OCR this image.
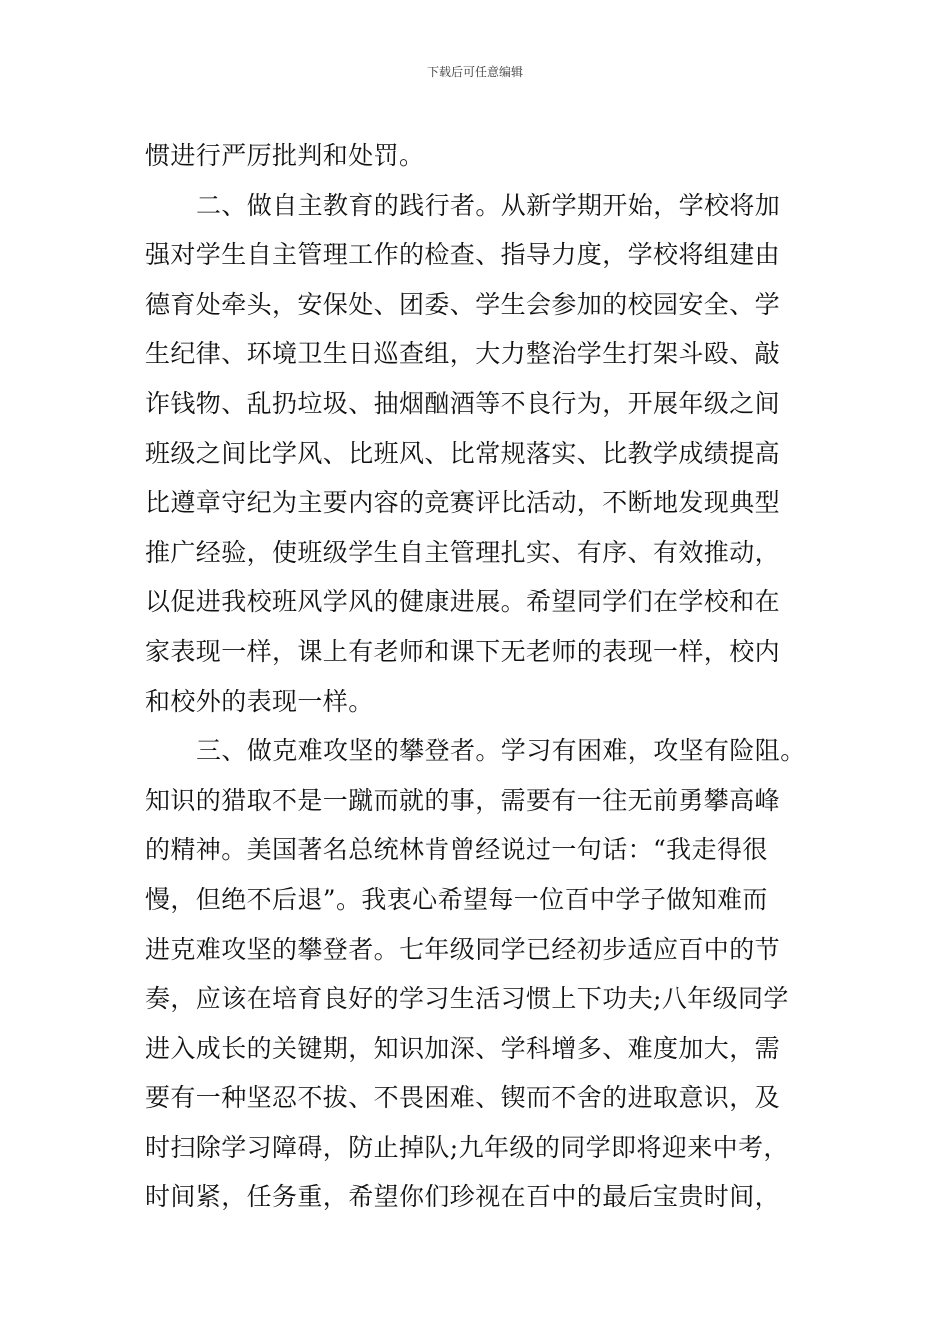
下载后可任意编辑
惯进行严厉批判和处罚。
二、做自主教育的践行者。从新学期开始，学校将加
强对学生自主管理工作的检查、指导力度，学校将组建由
德育处牵头，安保处、团委、学生会参加的校园安全、学
生纪律、环境卫生日巡查组，大力整治学生打架斗殴、敲
诈钱物、乱扔垃圾、抽烟酗酒等不良行为，开展年级之间
班级之间比学风、比班风、比常规落实、比教学成绩提高
比遵章守纪为主要内容的竞赛评比活动，不断地发现典型
推广经验，使班级学生自主管理扎实、有序、有效推动，
以促进我校班风学风的健康进展。希望同学们在学校和在
家表现一样，课上有老师和课下无老师的表现一样，校内
和校外的表现一样。
三、做克难攻坚的攀登者。学习有困难，攻坚有险阻。
知识的猎取不是一蹴而就的事，需要有一往无前勇攀高峰
的精神。美国著名总统林肯曾经说过一句话：“我走得很
慢，但绝不后退”。我衷心希望每一位百中学子做知难而
进克难攻坚的攀登者。七年级同学已经初步适应百中的节
奏，应该在培育良好的学习生活习惯上下功夫;八年级同学
进入成长的关键期，知识加深、学科增多、难度加大，需
要有一种坚忍不拔、不畏困难、锲而不舍的进取意识，及
时扫除学习障碍，防止掉队;九年级的同学即将迎来中考，
时间紧，任务重，希望你们珍视在百中的最后宝贵时间，
